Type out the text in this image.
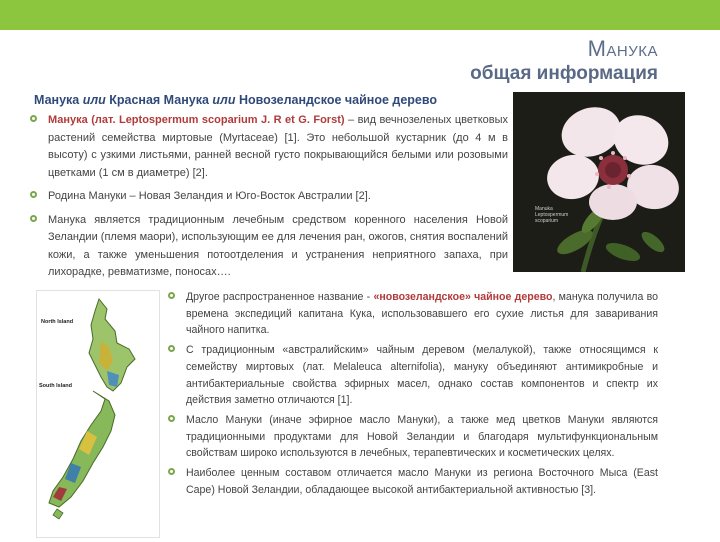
Манука
общая информация
Манука или Красная Манука или Новозеландское чайное дерево
Манука (лат. Leptospermum scoparium J. R et G. Forst) – вид вечнозеленых цветковых растений семейства миртовые (Myrtaceae) [1]. Это небольшой кустарник (до 4 м в высоту) с узкими листьями, ранней весной густо покрывающийся белыми или розовыми цветками (1 см в диаметре) [2].
Родина Мануки – Новая Зеландия и Юго-Восток Австралии [2].
Манука является традиционным лечебным средством коренного населения Новой Зеландии (племя маори), использующим ее для лечения ран, ожогов, снятия воспалений кожи, а также уменьшения потоотделения и устранения неприятного запаха, при лихорадке, ревматизме, поносах….
Manuka Leptospermum scoparium
North Island
South Island
Другое распространенное название - «новозеландское» чайное дерево, манука получила во времена экспедиций капитана Кука, использовавшего его сухие листья для заваривания чайного напитка.
С традиционным «австралийским» чайным деревом (мелалукой), также относящимся к семейству миртовых (лат. Melaleuca alternifolia), мануку объединяют антимикробные и антибактериальные свойства эфирных масел, однако состав компонентов и спектр их действия заметно отличаются [1].
Масло Мануки (иначе эфирное масло Мануки), а также мед цветков Мануки являются традиционными продуктами для Новой Зеландии и благодаря мультифункциональным свойствам широко используются в лечебных, терапевтических и косметических целях.
Наиболее ценным составом отличается масло Мануки из региона Восточного Мыса (East Cape) Новой Зеландии, обладающее высокой антибактериальной активностью [3].
